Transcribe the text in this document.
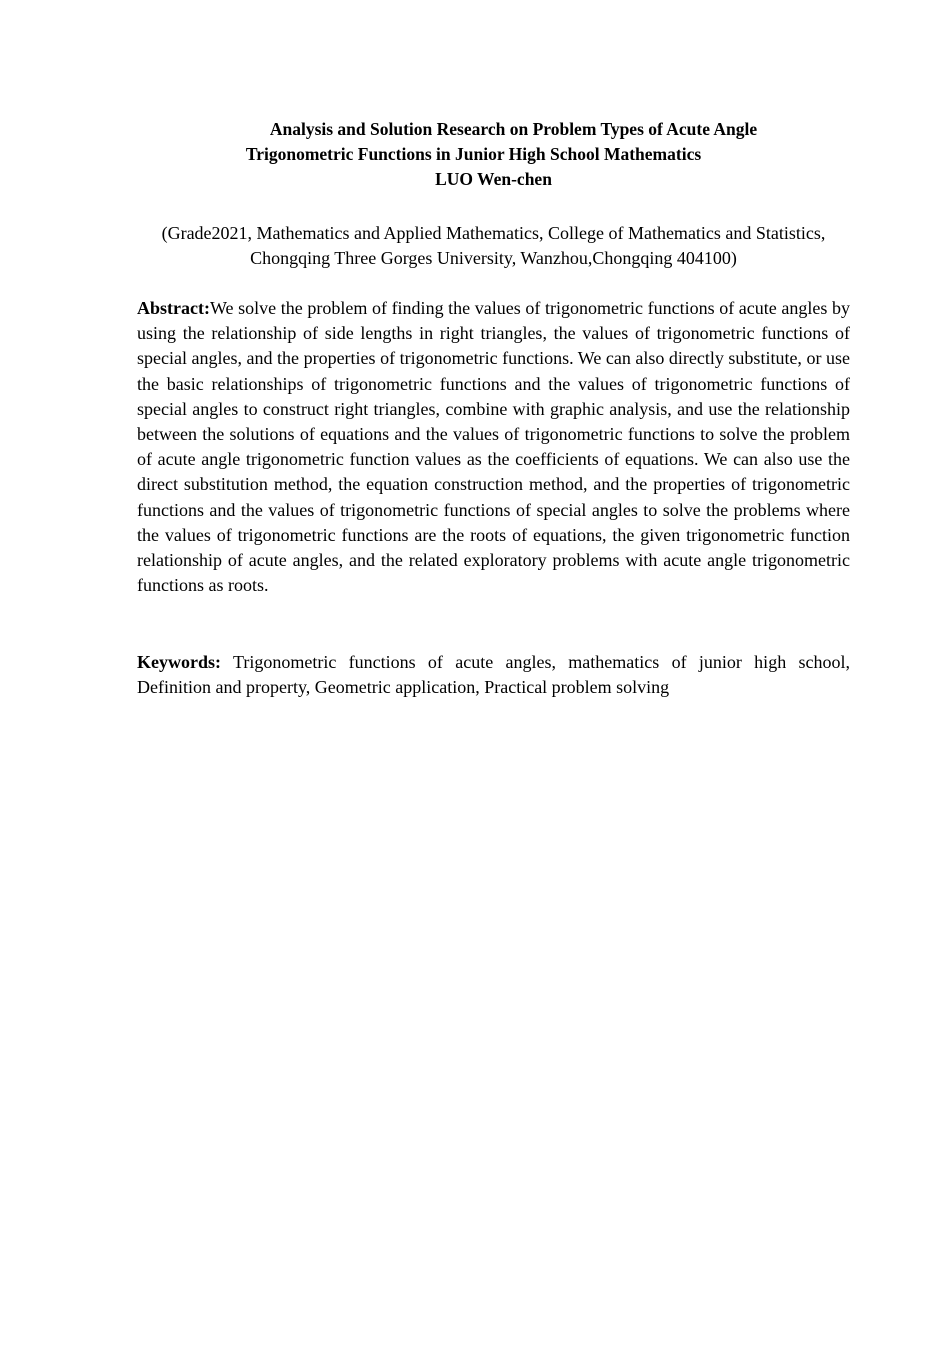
Analysis and Solution Research on Problem Types of Acute Angle
Trigonometric Functions in Junior High School Mathematics
LUO Wen-chen
(Grade2021, Mathematics and Applied Mathematics, College of Mathematics and Statistics,
Chongqing Three Gorges University, Wanzhou,Chongqing 404100)
Abstract:We solve the problem of finding the values of trigonometric functions of acute angles by using the relationship of side lengths in right triangles, the values of trigonometric functions of special angles, and the properties of trigonometric functions. We can also directly substitute, or use the basic relationships of trigonometric functions and the values of trigonometric functions of special angles to construct right triangles, combine with graphic analysis, and use the relationship between the solutions of equations and the values of trigonometric functions to solve the problem of acute angle trigonometric function values as the coefficients of equations. We can also use the direct substitution method, the equation construction method, and the properties of trigonometric functions and the values of trigonometric functions of special angles to solve the problems where the values of trigonometric functions are the roots of equations, the given trigonometric function relationship of acute angles, and the related exploratory problems with acute angle trigonometric functions as roots.
Keywords: Trigonometric functions of acute angles, mathematics of junior high school, Definition and property, Geometric application, Practical problem solving
